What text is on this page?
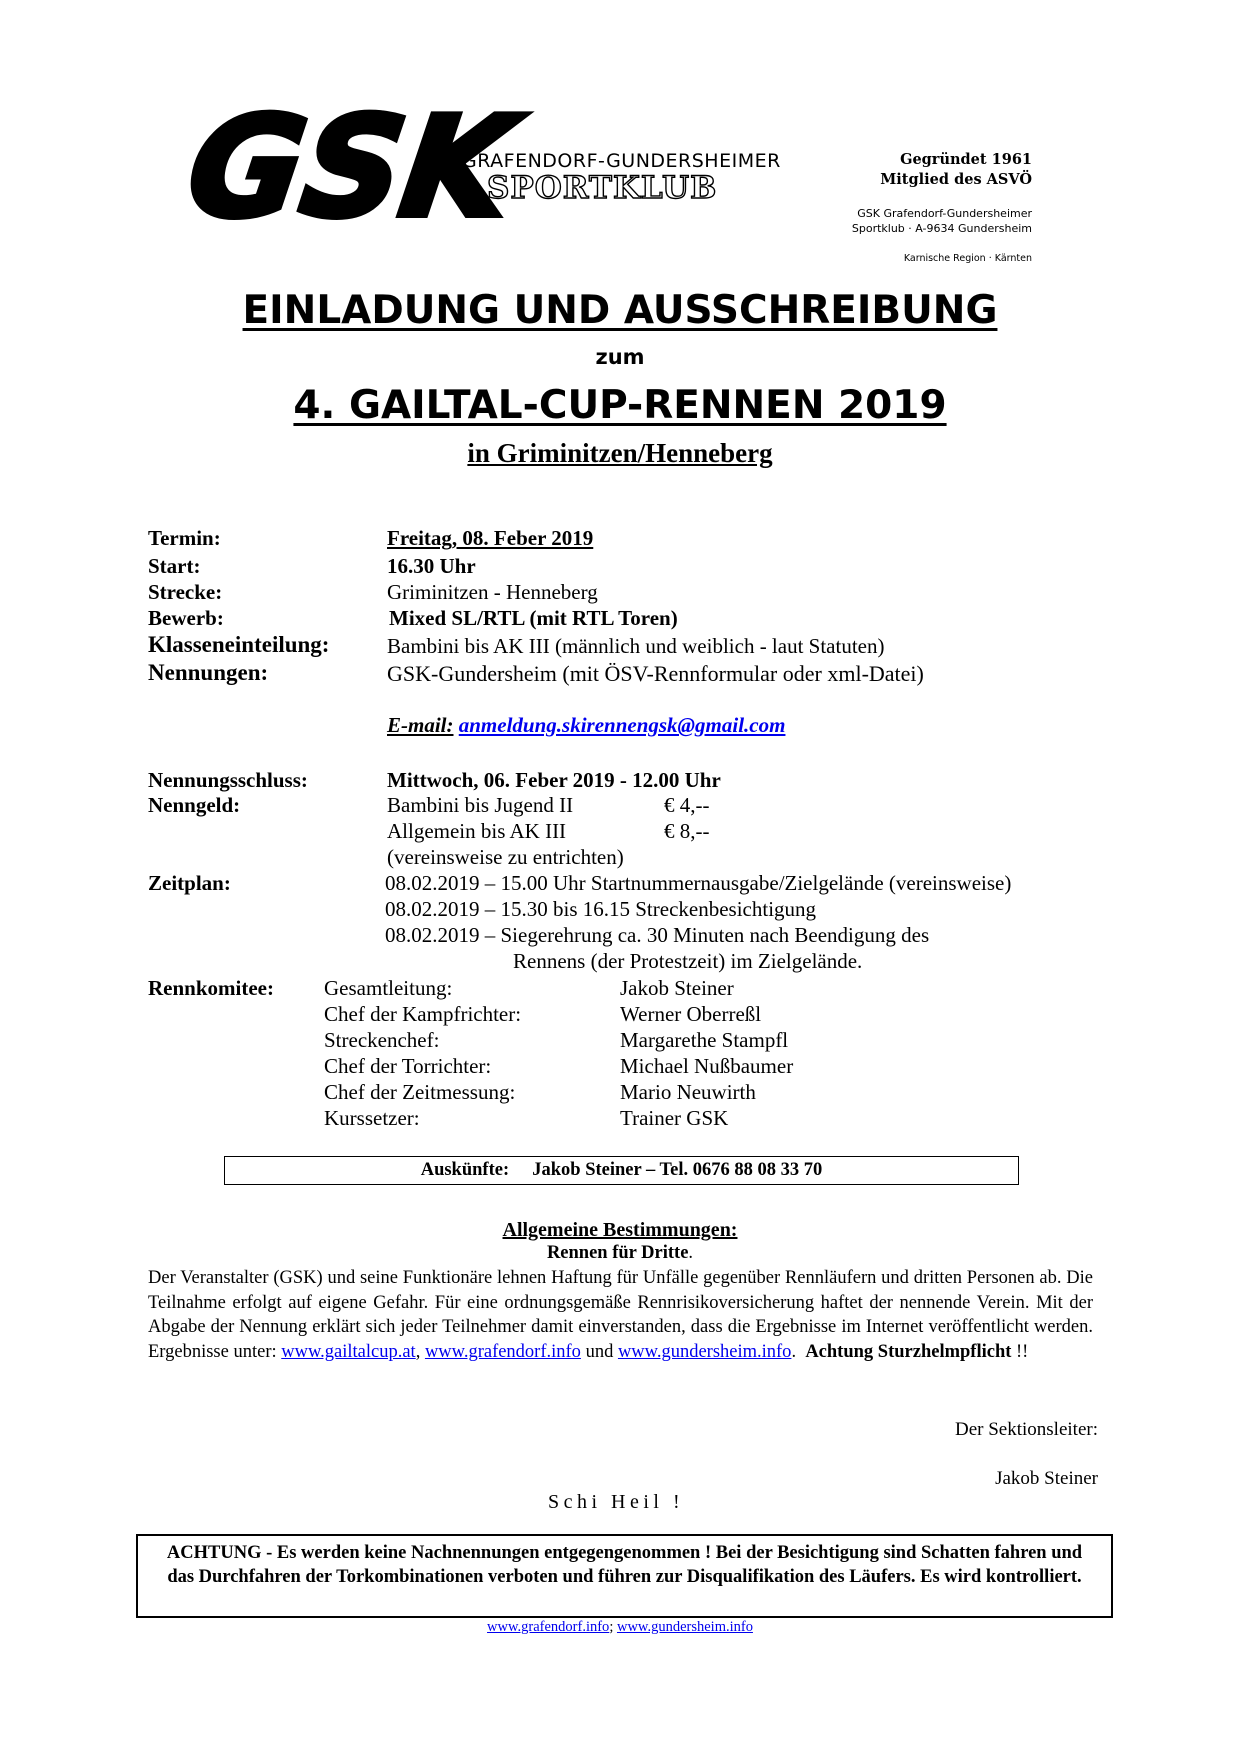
GSK
GRAFENDORF-GUNDERSHEIMER
SPORTKLUB
Gegründet 1961
Mitglied des ASVÖ
GSK Grafendorf-Gundersheimer
Sportklub · A-9634 Gundersheim
Karnische Region · Kärnten
EINLADUNG UND AUSSCHREIBUNG
zum
4. GAILTAL-CUP-RENNEN 2019
in Griminitzen/Henneberg
Termin:	Freitag, 08. Feber 2019
Start:	16.30 Uhr
Strecke:	Griminitzen - Henneberg
Bewerb:	Mixed SL/RTL (mit RTL Toren)
Klasseneinteilung:	Bambini bis AK III (männlich und weiblich - laut Statuten)
Nennungen:	GSK-Gundersheim (mit ÖSV-Rennformular oder xml-Datei)
E-mail: anmeldung.skirennengsk@gmail.com
Nennungsschluss:	Mittwoch, 06. Feber 2019 - 12.00 Uhr
Nenngeld:	Bambini bis Jugend II	€ 4,--
Allgemein bis AK III	€ 8,--
(vereinsweise zu entrichten)
Zeitplan:	08.02.2019 – 15.00 Uhr Startnummernausgabe/Zielgelände (vereinsweise)
08.02.2019 – 15.30 bis 16.15 Streckenbesichtigung
08.02.2019 – Siegerehrung ca. 30 Minuten nach Beendigung des
Rennens (der Protestzeit) im Zielgelände.
Rennkomitee: Gesamtleitung:	Jakob Steiner
Chef der Kampfrichter:	Werner Oberreßl
Streckenchef:	Margarethe Stampfl
Chef der Torrichter:	Michael Nußbaumer
Chef der Zeitmessung:	Mario Neuwirth
Kurssetzer:	Trainer GSK
Auskünfte: Jakob Steiner – Tel. 0676 88 08 33 70
Allgemeine Bestimmungen:
Rennen für Dritte.
Der Veranstalter (GSK) und seine Funktionäre lehnen Haftung für Unfälle gegenüber Rennläufern und dritten Personen ab. Die Teilnahme erfolgt auf eigene Gefahr. Für eine ordnungsgemäße Rennrisikoversicherung haftet der nennende Verein. Mit der Abgabe der Nennung erklärt sich jeder Teilnehmer damit einverstanden, dass die Ergebnisse im Internet veröffentlicht werden. Ergebnisse unter: www.gailtalcup.at, www.grafendorf.info und www.gundersheim.info. Achtung Sturzhelmpflicht !!
Der Sektionsleiter:
Jakob Steiner
Schi Heil !
ACHTUNG - Es werden keine Nachnennungen entgegengenommen ! Bei der Besichtigung sind Schatten fahren und das Durchfahren der Torkombinationen verboten und führen zur Disqualifikation des Läufers. Es wird kontrolliert.
www.grafendorf.info; www.gundersheim.info
